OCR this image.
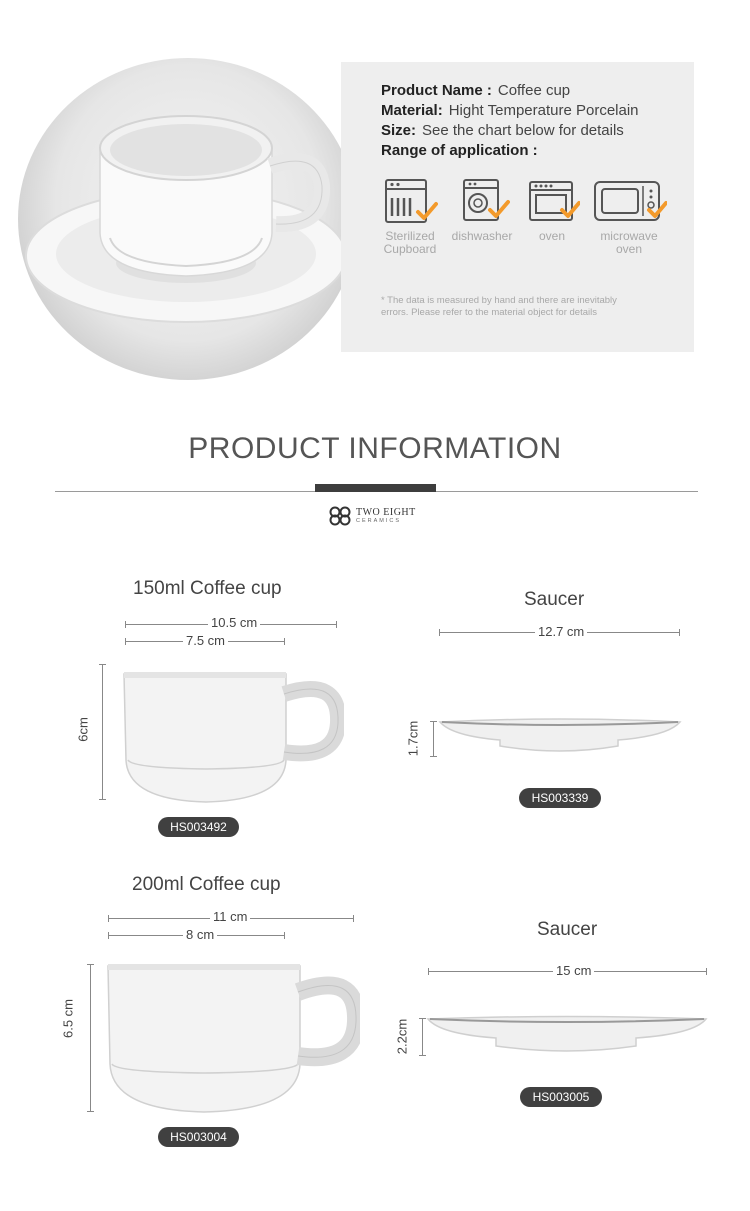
Product Name : Coffee cup
Material: Hight Temperature Porcelain
Size: See the chart below for details
Range of application :
Sterilized
Cupboard
dishwasher	oven	microwave
oven
* The data is measured by hand and there are inevitably errors. Please refer to the material object for details
PRODUCT INFORMATION
TWO EIGHT
CERAMICS
150ml Coffee cup
10.5 cm
7.5 cm
6cm
HS003492
Saucer
12.7 cm
1.7cm
HS003339
200ml Coffee cup
11 cm
8 cm
6.5 cm
HS003004
Saucer
15 cm
2.2cm
HS003005
